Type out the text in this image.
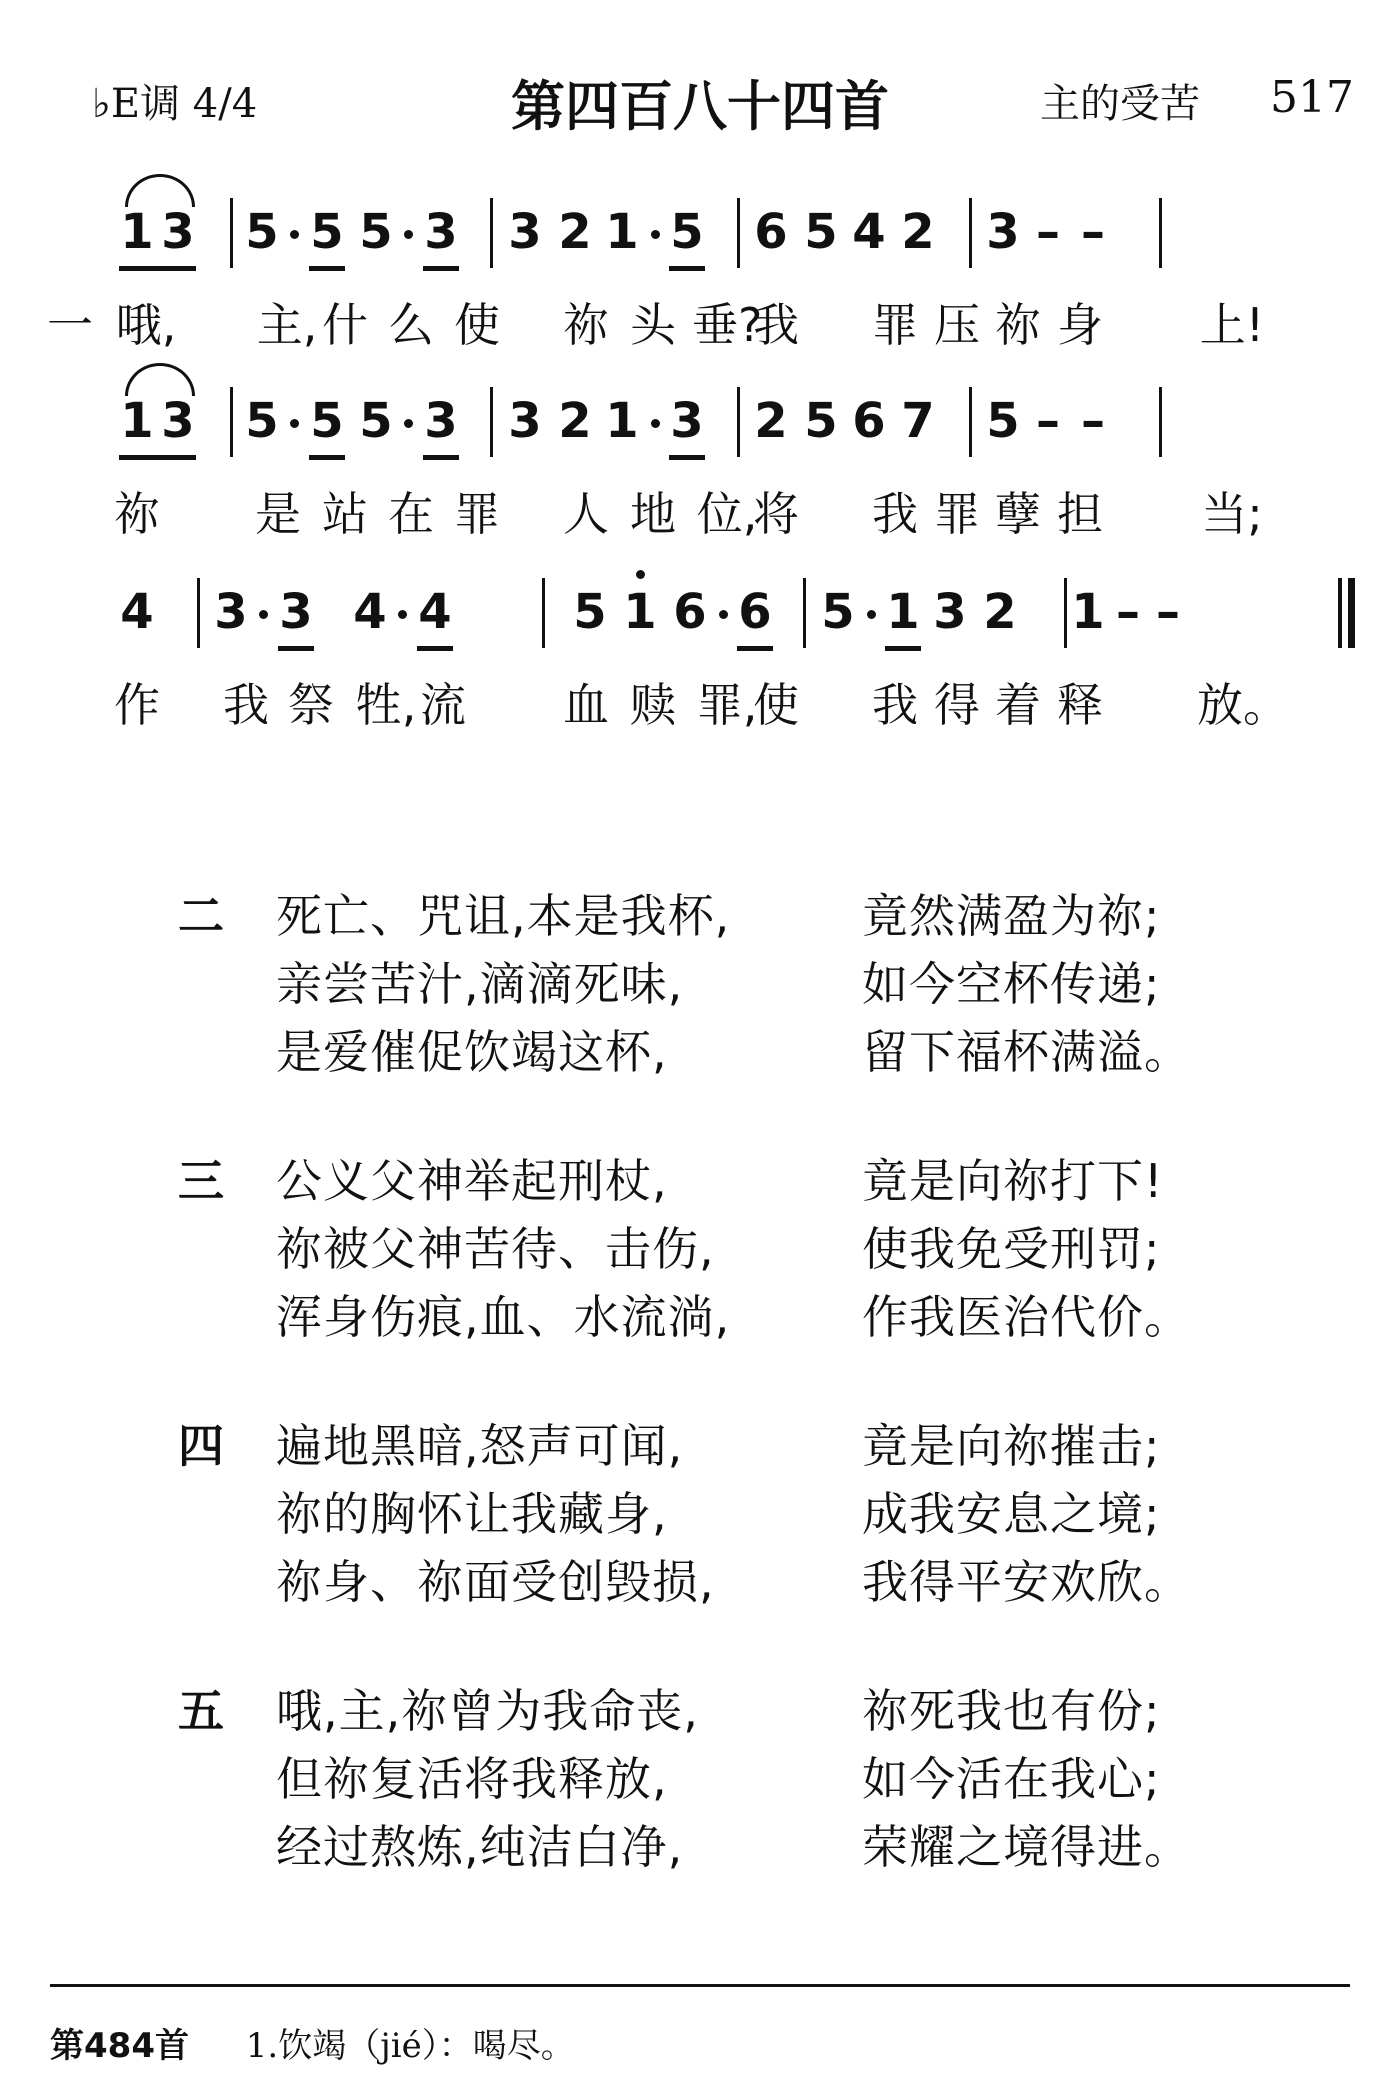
♭E调 4/4	第四百八十四首	主的受苦 517
1 3 5 5 5 3 3 2 1 5 6 5 4 2 3 – –
一 哦, 主, 什 么 使 祢 头 垂?
我 罪 压 祢 身 上!
1 3 5 5 5 3 3 2 1 3 2 5 6 7 5 – –
祢 是 站 在 罪 人 地 位,
将 我 罪 孽 担 当;
4 3 3 4 4	5 1 6 6 5 1 3 2 1 – –
作 我 祭 牲, 流 血 赎 罪,
使 我 得 着 释 放。
二 死亡、咒诅,本是我杯,	竟然满盈为祢;
亲尝苦汁,滴滴死味,	如今空杯传递;
是爱催促饮竭这杯,	留下福杯满溢。
三 公义父神举起刑杖,	竟是向祢打下!
祢被父神苦待、击伤,	使我免受刑罚;
浑身伤痕,血、水流淌,	作我医治代价。
四 遍地黑暗,怒声可闻,	竟是向祢摧击;
祢的胸怀让我藏身,	成我安息之境;
祢身、祢面受创毁损,	我得平安欢欣。
五 哦,主,祢曾为我命丧,	祢死我也有份;
但祢复活将我释放,	如今活在我心;
经过熬炼,纯洁白净,	荣耀之境得进。
第484首 1.饮竭（jié）：喝尽。
